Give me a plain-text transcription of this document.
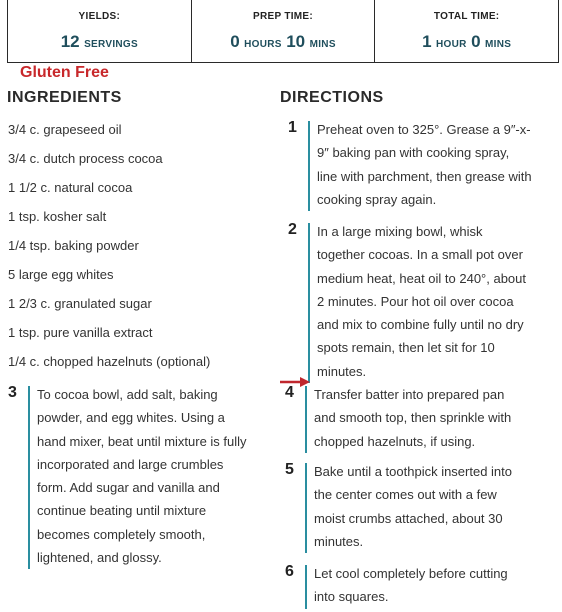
YIELDS:
12 SERVINGS
PREP TIME:
0 HOURS 10 MINS
TOTAL TIME:
1 HOUR 0 MINS
Gluten Free
INGREDIENTS	DIRECTIONS
3/4 c. grapeseed oil
3/4 c. dutch process cocoa
1 1/2 c. natural cocoa
1 tsp. kosher salt
1/4 tsp. baking powder
5 large egg whites
1 2/3 c. granulated sugar
1 tsp. pure vanilla extract
1/4 c. chopped hazelnuts (optional)
1	Preheat oven to 325°. Grease a 9″-x-
9″ baking pan with cooking spray,
line with parchment, then grease with
cooking spray again.
2	In a large mixing bowl, whisk
together cocoas. In a small pot over
medium heat, heat oil to 240°, about
2 minutes. Pour hot oil over cocoa
and mix to combine fully until no dry
spots remain, then let sit for 10
minutes.
3	To cocoa bowl, add salt, baking
powder, and egg whites. Using a
hand mixer, beat until mixture is fully
incorporated and large crumbles
form. Add sugar and vanilla and
continue beating until mixture
becomes completely smooth,
lightened, and glossy.
4	Transfer batter into prepared pan
and smooth top, then sprinkle with
chopped hazelnuts, if using.
5	Bake until a toothpick inserted into
the center comes out with a few
moist crumbs attached, about 30
minutes.
6	Let cool completely before cutting
into squares.
